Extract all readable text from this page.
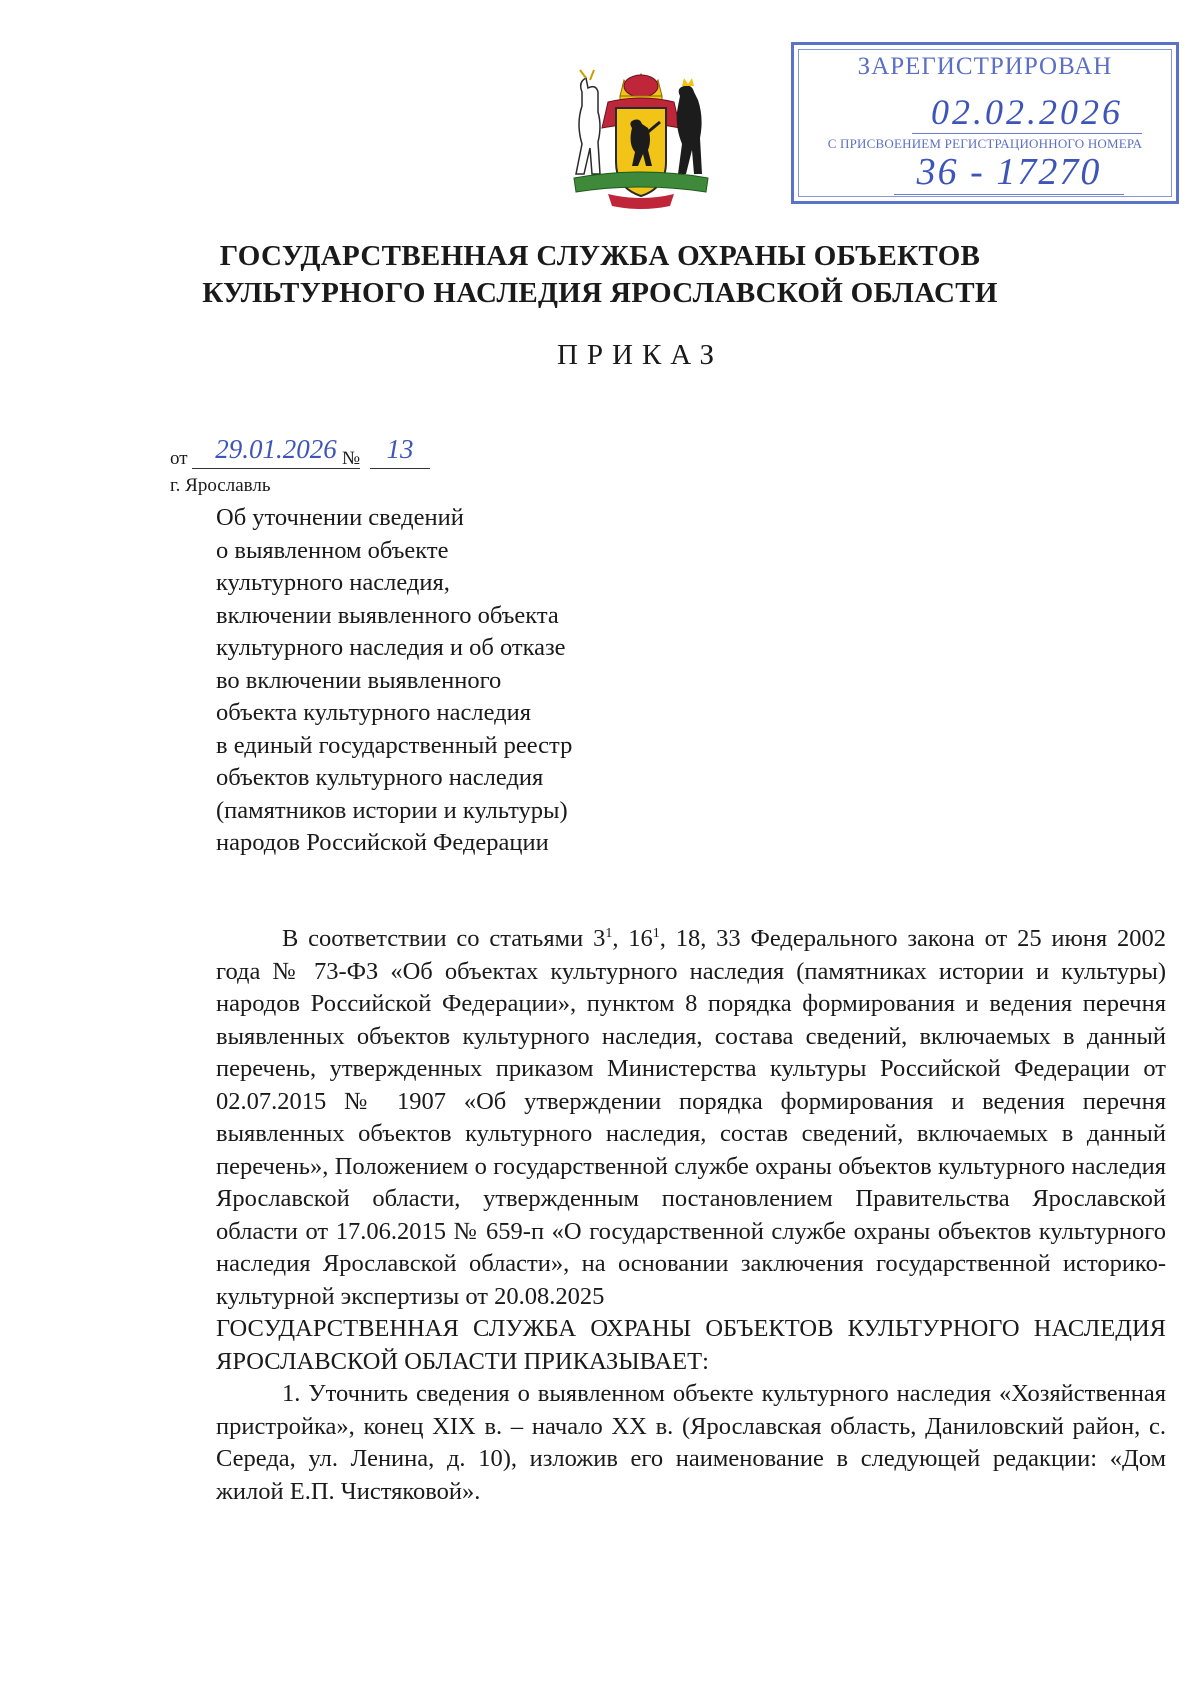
ЗАРЕГИСТРИРОВАН
02.02.2026
С ПРИСВОЕНИЕМ РЕГИСТРАЦИОННОГО НОМЕРА
36 - 17270
ГОСУДАРСТВЕННАЯ СЛУЖБА ОХРАНЫ ОБЪЕКТОВ
КУЛЬТУРНОГО НАСЛЕДИЯ ЯРОСЛАВСКОЙ ОБЛАСТИ
ПРИКАЗ
от	29.01.2026 № 13
г. Ярославль
Об уточнении сведений
о выявленном объекте
культурного наследия,
включении выявленного объекта
культурного наследия и об отказе
во включении выявленного
объекта культурного наследия
в единый государственный реестр
объектов культурного наследия
(памятников истории и культуры)
народов Российской Федерации

В соответствии со статьями $3^1$, $16^1$, 18, 33 Федерального закона от 25 июня 2002 года № 73-ФЗ «Об объектах культурного наследия (памятниках истории и культуры) народов Российской Федерации», пунктом 8 порядка формирования и ведения перечня выявленных объектов культурного наследия, состава сведений, включаемых в данный перечень, утвержденных приказом Министерства культуры Российской Федерации от 02.07.2015 № 1907 «Об утверждении порядка формирования и ведения перечня выявленных объектов культурного наследия, состав сведений, включаемых в данный перечень», Положением о государственной службе охраны объектов культурного наследия Ярославской области, утвержденным постановлением Правительства Ярославской области от 17.06.2015 № 659-п «О государственной службе охраны объектов культурного наследия Ярославской области», на основании заключения государственной историко-культурной экспертизы от 20.08.2025

ГОСУДАРСТВЕННАЯ СЛУЖБА ОХРАНЫ ОБЪЕКТОВ КУЛЬТУРНОГО НАСЛЕДИЯ ЯРОСЛАВСКОЙ ОБЛАСТИ ПРИКАЗЫВАЕТ:

1. Уточнить сведения о выявленном объекте культурного наследия «Хозяйственная пристройка», конец XIX в. – начало XX в. (Ярославская область, Даниловский район, с. Середа, ул. Ленина, д. 10), изложив его наименование в следующей редакции: «Дом жилой Е.П. Чистяковой».
